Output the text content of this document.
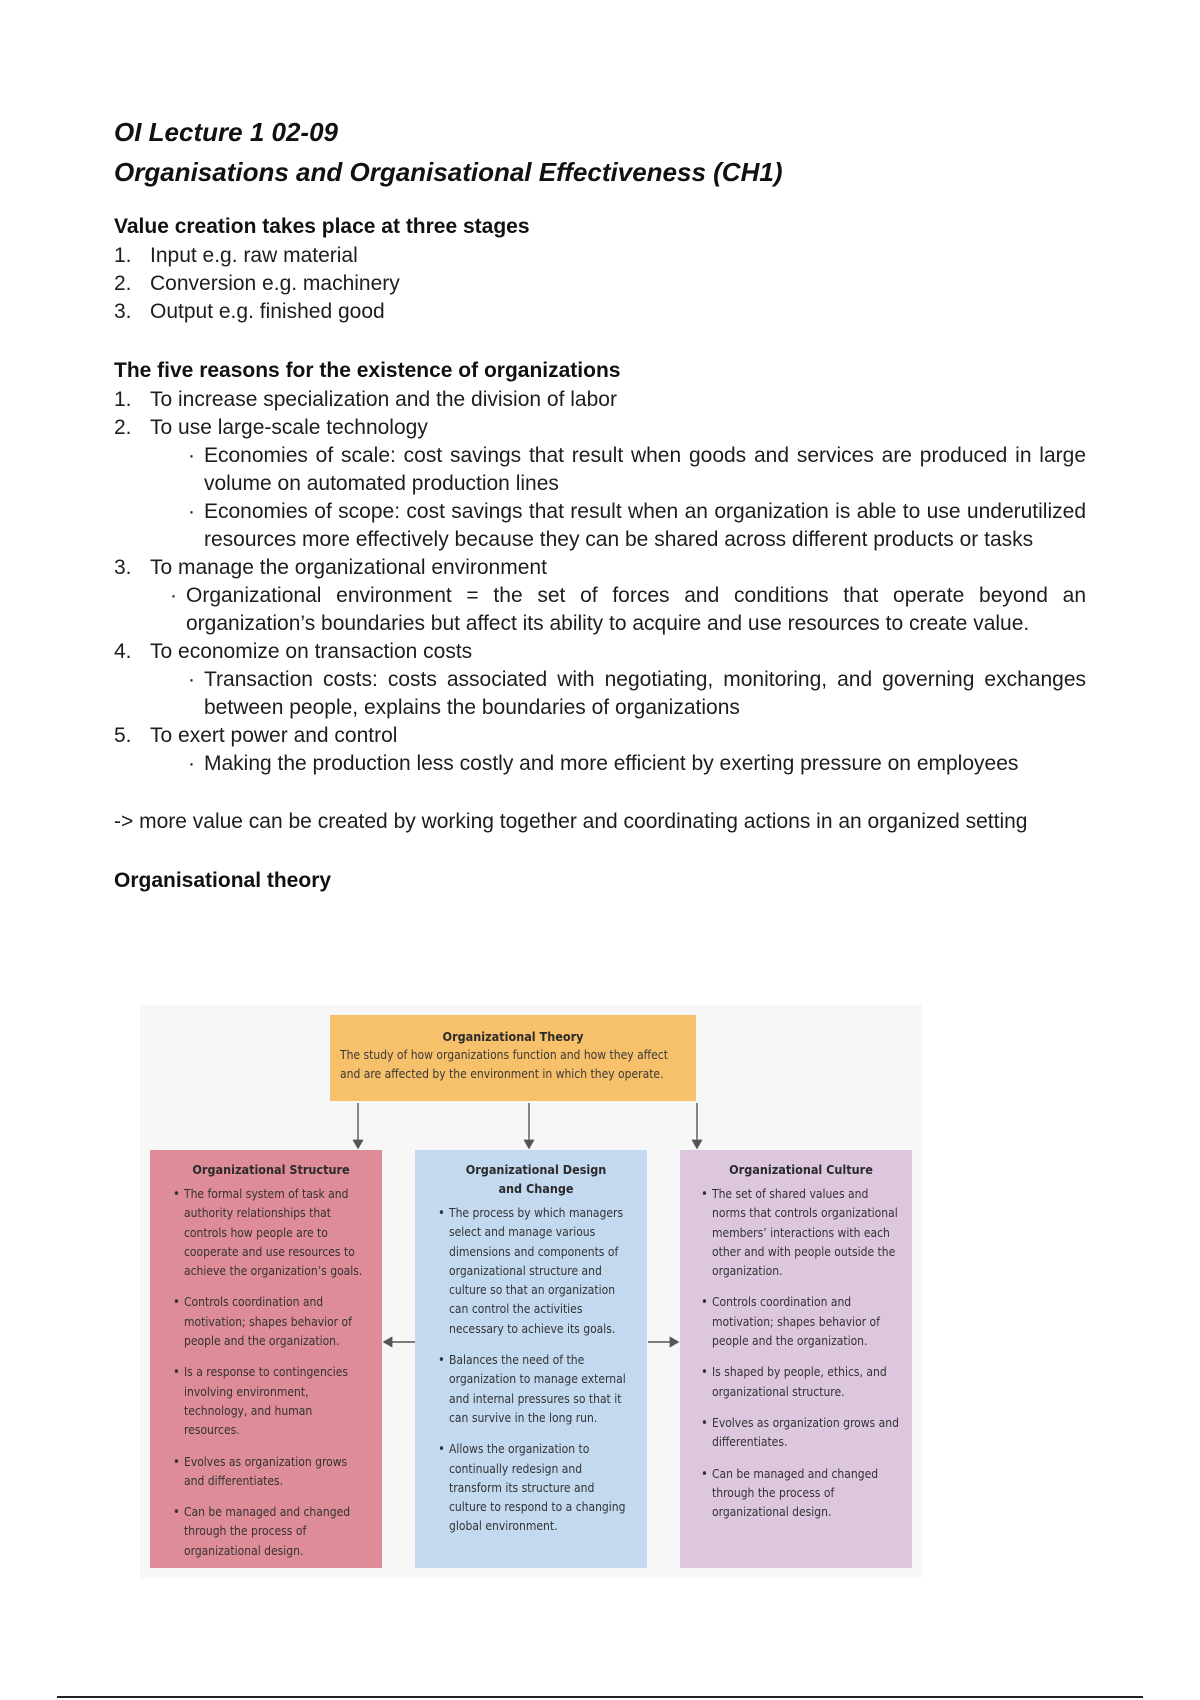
OI Lecture 1 02-09
Organisations and Organisational Effectiveness (CH1)
Value creation takes place at three stages
1. Input e.g. raw material
2. Conversion e.g. machinery
3. Output e.g. finished good
The five reasons for the existence of organizations
1. To increase specialization and the division of labor
2. To use large-scale technology
· Economies of scale: cost savings that result when goods and services are produced in large volume on automated production lines
· Economies of scope: cost savings that result when an organization is able to use underutilized resources more effectively because they can be shared across different products or tasks
3. To manage the organizational environment
· Organizational environment = the set of forces and conditions that operate beyond an organization’s boundaries but affect its ability to acquire and use resources to create value.
4. To economize on transaction costs
· Transaction costs: costs associated with negotiating, monitoring, and governing exchanges between people, explains the boundaries of organizations
5. To exert power and control
· Making the production less costly and more efficient by exerting pressure on employees

-> more value can be created by working together and coordinating actions in an organized setting

Organisational theory
Organizational Theory
The study of how organizations function and how they affect and are affected by the environment in which they operate.
Organizational Structure
• The formal system of task and authority relationships that controls how people are to cooperate and use resources to achieve the organization’s goals.
• Controls coordination and motivation; shapes behavior of people and the organization.
• Is a response to contingencies involving environment, technology, and human resources.
• Evolves as organization grows and differentiates.
• Can be managed and changed through the process of organizational design.
Organizational Design
and Change
• The process by which managers select and manage various dimensions and components of organizational structure and culture so that an organization can control the activities necessary to achieve its goals.
• Balances the need of the organization to manage external and internal pressures so that it can survive in the long run.
• Allows the organization to continually redesign and transform its structure and culture to respond to a changing global environment.
Organizational Culture
• The set of shared values and norms that controls organizational members’ interactions with each other and with people outside the organization.
• Controls coordination and motivation; shapes behavior of people and the organization.
• Is shaped by people, ethics, and organizational structure.
• Evolves as organization grows and differentiates.
• Can be managed and changed through the process of organizational design.
